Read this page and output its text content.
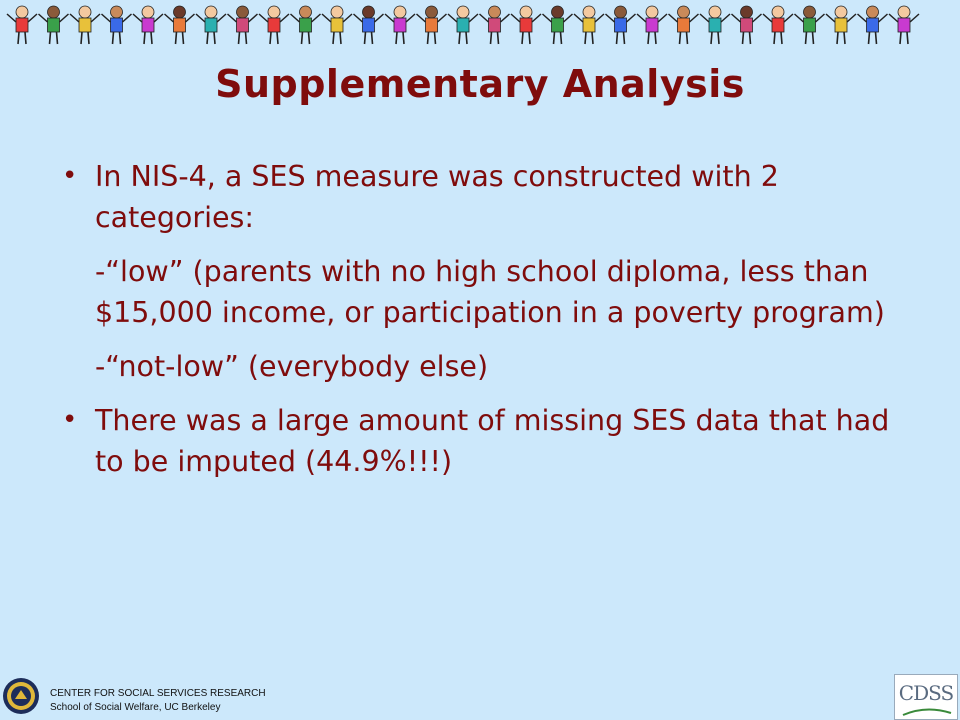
Supplementary Analysis
• In NIS-4, a SES measure was constructed with 2 categories:
-“low” (parents with no high school diploma, less than $15,000 income, or participation in a poverty program)
-“not-low” (everybody else)
• There was a large amount of missing SES data that had to be imputed (44.9%!!!)
CENTER FOR SOCIAL SERVICES RESEARCH
School of Social Welfare, UC Berkeley
CDSS
